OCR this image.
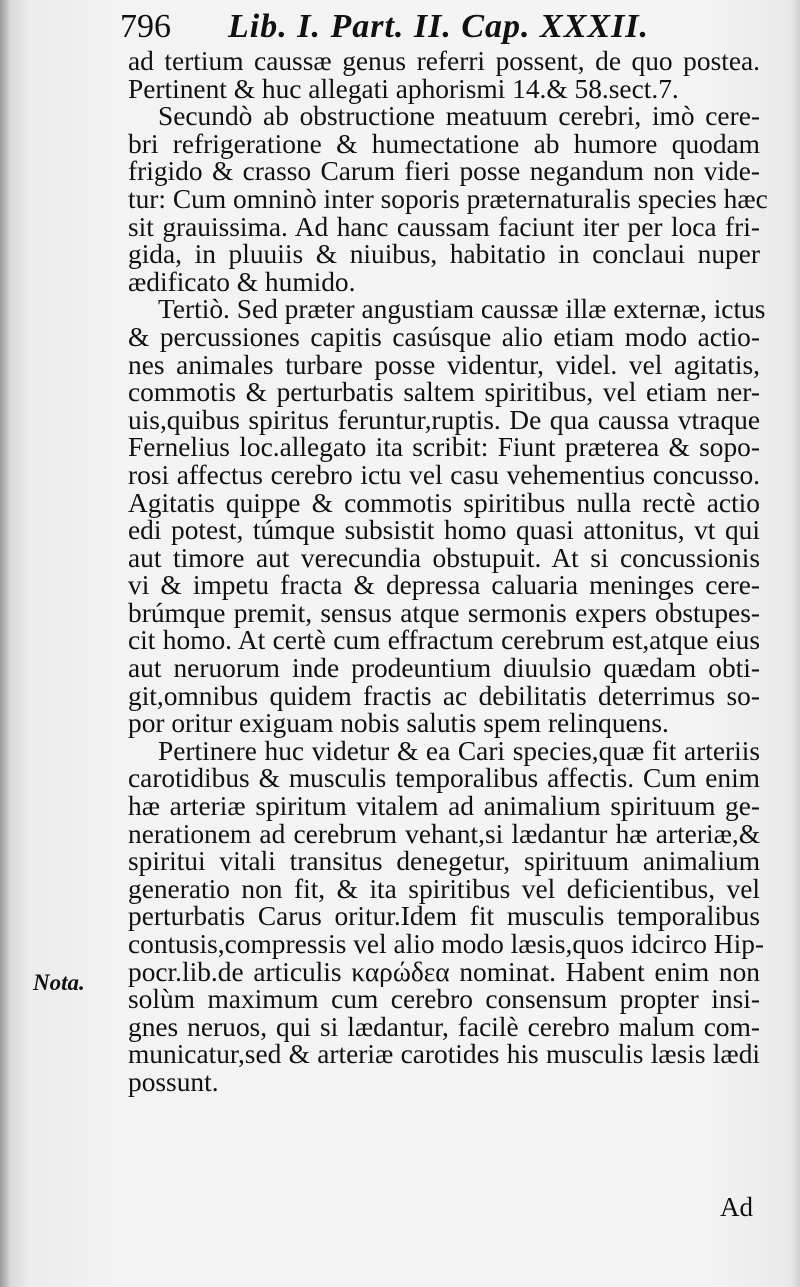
796 Lib. I. Part. II. Cap. XXXII.
ad tertium caussæ genus referri possent, de quo postea.
Pertinent & huc allegati aphorismi 14.& 58.sect.7.
Secundò ab obstructione meatuum cerebri, imò cere-
bri refrigeratione & humectatione ab humore quodam
frigido & crasso Carum fieri posse negandum non vide-
tur: Cum omninò inter soporis præternaturalis species hæc
sit grauissima. Ad hanc caussam faciunt iter per loca fri-
gida, in pluuiis & niuibus, habitatio in conclaui nuper
ædificato & humido.
Tertiò. Sed præter angustiam caussæ illæ externæ, ictus
& percussiones capitis casúsque alio etiam modo actio-
nes animales turbare posse videntur, videl. vel agitatis,
commotis & perturbatis saltem spiritibus, vel etiam ner-
uis,quibus spiritus feruntur,ruptis. De qua caussa vtraque
Fernelius loc.allegato ita scribit: Fiunt præterea & sopo-
rosi affectus cerebro ictu vel casu vehementius concusso.
Agitatis quippe & commotis spiritibus nulla rectè actio
edi potest, túmque subsistit homo quasi attonitus, vt qui
aut timore aut verecundia obstupuit. At si concussionis
vi & impetu fracta & depressa caluaria meninges cere-
brúmque premit, sensus atque sermonis expers obstupes-
cit homo. At certè cum effractum cerebrum est,atque eius
aut neruorum inde prodeuntium diuulsio quædam obti-
git,omnibus quidem fractis ac debilitatis deterrimus so-
por oritur exiguam nobis salutis spem relinquens.
Pertinere huc videtur & ea Cari species,quæ fit arteriis
carotidibus & musculis temporalibus affectis. Cum enim
hæ arteriæ spiritum vitalem ad animalium spirituum ge-
nerationem ad cerebrum vehant,si lædantur hæ arteriæ,&
spiritui vitali transitus denegetur, spirituum animalium
generatio non fit, & ita spiritibus vel deficientibus, vel
perturbatis Carus oritur.Idem fit musculis temporalibus
contusis,compressis vel alio modo læsis,quos idcirco Hip-
pocr.lib.de articulis καρώδεα nominat. Habent enim non
solùm maximum cum cerebro consensum propter insi-
gnes neruos, qui si lædantur, facilè cerebro malum com-
municatur,sed & arteriæ carotides his musculis læsis lædi
possunt.
Nota.
Ad
